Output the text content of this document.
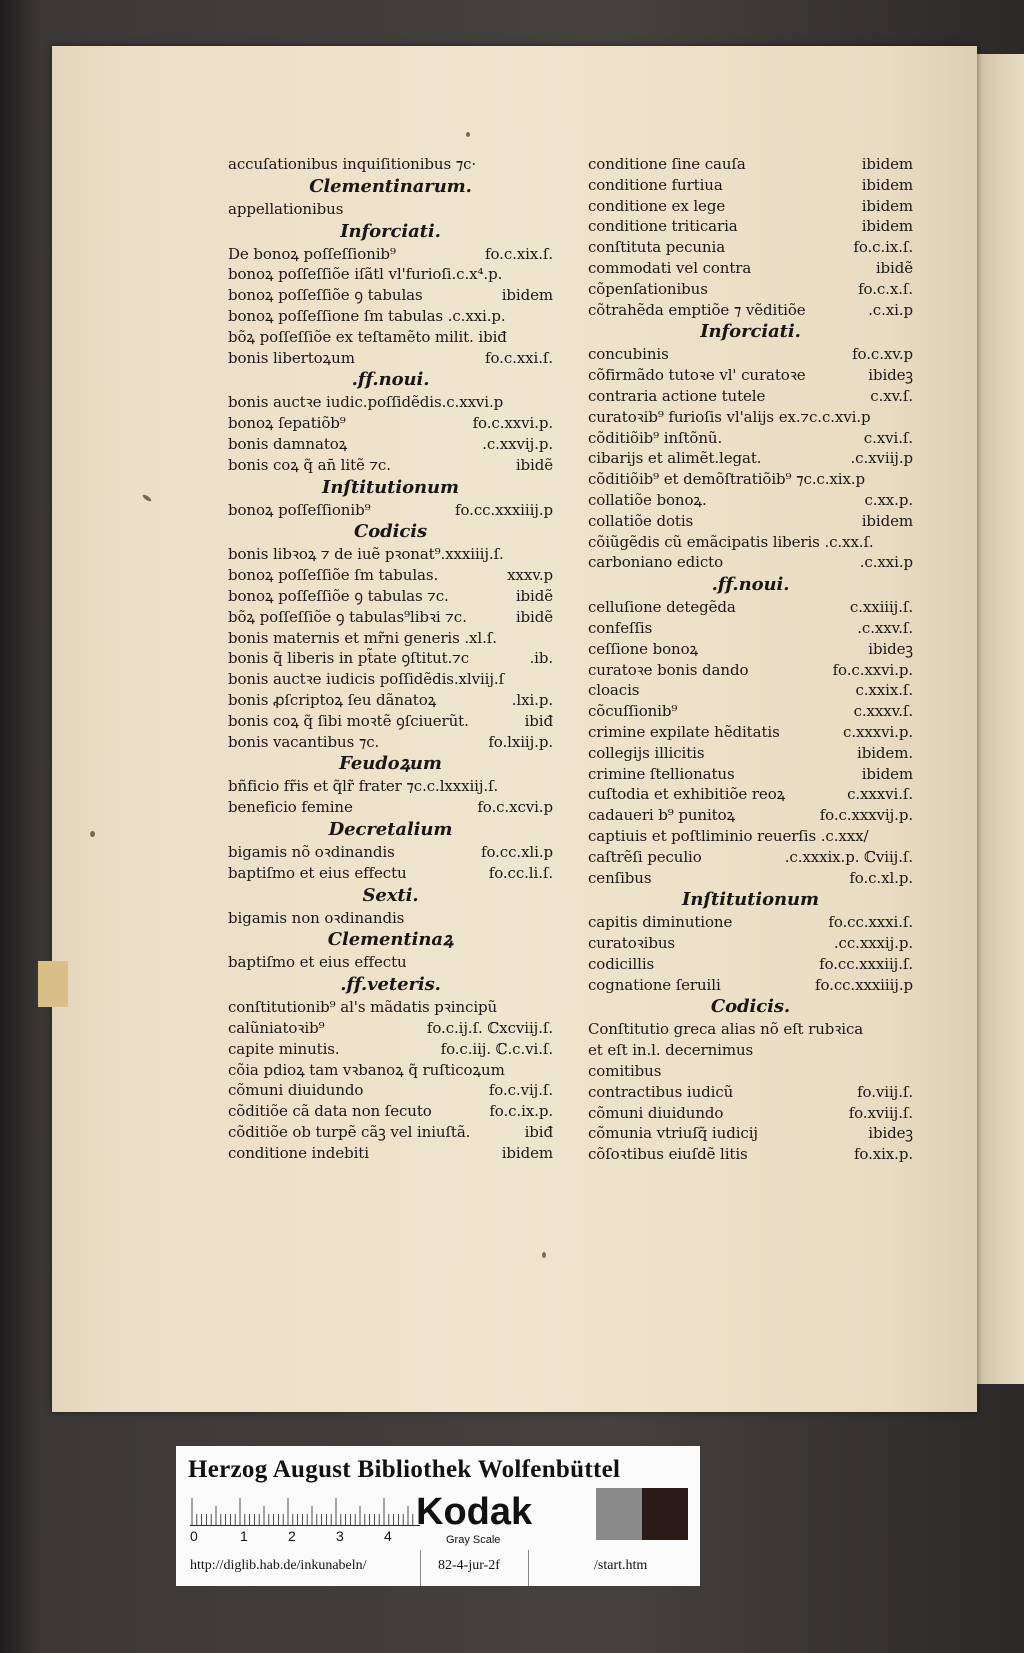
accuſationibus inquiſitionibus ⁊c·
Clementinarum.
appellationibus
Inforciati.
De bonoꝝ poſſeſſionib⁹	fo.c.xix.ſ.
bonoꝝ poſſeſſiõe iſãtl vl'furioſi.c.x⁴.p.
bonoꝝ poſſeſſiõe ꝯ tabulas	ibidem
bonoꝝ poſſeſſione ſm tabulas .c.xxi.p.
bõꝝ poſſeſſiõe ex teſtamẽto milit. ibiđ
bonis libertoꝝum	fo.c.xxi.ſ.
.ff.noui.
bonis auctꝛe iudic.poſſidẽdis.c.xxvi.p
bonoꝝ ſepatiõb⁹	fo.c.xxvi.p.
bonis damnatoꝝ	.c.xxvij.p.
bonis coꝝ q̃ an̄ litẽ ⁊c.	ibidẽ
Inſtitutionum
bonoꝝ poſſeſſionib⁹	fo.cc.xxxiiij.p
Codicis
bonis libꝛoꝝ ⁊ de iuẽ pꝛonat⁹.xxxiiij.ſ.
bonoꝝ poſſeſſiõe ſm tabulas.	xxxv.p
bonoꝝ poſſeſſiõe ꝯ tabulas ⁊c.	ibidẽ
bõꝝ poſſeſſiõe ꝯ tabulas⁹libꝛi ⁊c.	ibidẽ
bonis maternis et mr̃ni generis .xl.ſ.
bonis q̃ liberis in pt̃ate ꝯſtitut.⁊c	.ib.
bonis auctꝛe iudicis poſſidẽdis.xlviij.ſ
bonis ꝓſcriptoꝝ ſeu dãnatoꝝ	.lxi.p.
bonis coꝝ q̃ ſibi moꝛtẽ ꝯſciuerũt.	ibiđ
bonis vacantibus ⁊c.	fo.lxiij.p.
Feudoꝝum
bñficio fr̃is et q̃lr̃ frater ⁊c.c.lxxxiij.ſ.
beneficio femine	fo.c.xcvi.p
Decretalium
bigamis nõ oꝛdinandis	fo.cc.xli.p
baptiſmo et eius effectu	fo.cc.li.ſ.
Sexti.
bigamis non oꝛdinandis
Clementinaꝝ
baptiſmo et eius effectu
.ff.veteris.
conſtitutionib⁹ al's mãdatis pꝛincipũ
calũniatoꝛib⁹	fo.c.ij.ſ. ℂxcviij.ſ.
capite minutis.	fo.c.iij. ℂ.c.vi.ſ.
cõia pdioꝝ tam vꝛbanoꝝ q̃ ruſticoꝝum
cõmuni diuidundo	fo.c.vij.ſ.
cõditiõe cã data non ſecuto	fo.c.ix.p.
cõditiõe ob turpẽ cãꝫ vel iniuſtã.	ibiđ
conditione indebiti	ibidem
conditione ſine cauſa	ibidem
conditione furtiua	ibidem
conditione ex lege	ibidem
conditione triticaria	ibidem
conſtituta pecunia	fo.c.ix.ſ.
commodati vel contra	ibidẽ
cõpenſationibus	fo.c.x.ſ.
cõtrahẽda emptiõe ⁊ vẽditiõe	.c.xi.p
Inforciati.
concubinis	fo.c.xv.p
cõfirmãdo tutoꝛe vl' curatoꝛe	ibideꝫ
contraria actione tutele	c.xv.ſ.
curatoꝛib⁹ furioſis vl'alijs ex.⁊c.c.xvi.p
cõditiõib⁹ inſtõnũ.	c.xvi.ſ.
cibarijs et alimẽt.legat.	.c.xviij.p
cõditiõib⁹ et demõſtratiõib⁹ ⁊c.c.xix.p
collatiõe bonoꝝ.	c.xx.p.
collatiõe dotis	ibidem
cõiũgẽdis cũ emãcipatis liberis .c.xx.ſ.
carboniano edicto	.c.xxi.p
.ff.noui.
celluſione detegẽda	c.xxiiij.ſ.
confeſſis	.c.xxv.ſ.
ceſſione bonoꝝ	ibideꝫ
curatoꝛe bonis dando	fo.c.xxvi.p.
cloacis	c.xxix.ſ.
cõcuſſionib⁹	c.xxxv.ſ.
crimine expilate hẽditatis	c.xxxvi.p.
collegijs illicitis	ibidem.
crimine ſtellionatus	ibidem
cuſtodia et exhibitiõe reoꝝ	c.xxxvi.ſ.
cadaueri b⁹ punitoꝝ	fo.c.xxxvij.p.
captiuis et poſtliminio reuerſis .c.xxx/
caſtrẽſi peculio	.c.xxxix.p. ℂviij.ſ.
cenſibus	fo.c.xl.p.
Inſtitutionum
capitis diminutione	fo.cc.xxxi.ſ.
curatoꝛibus	.cc.xxxij.p.
codicillis	fo.cc.xxxiij.ſ.
cognatione ſeruili	fo.cc.xxxiiij.p
Codicis.
Conſtitutio greca alias nõ eſt rubꝛica
et eſt in.l. decernimus
comitibus
contractibus iudicũ	fo.viij.ſ.
cõmuni diuidundo	fo.xviij.ſ.
cõmunia vtriuſq̃ iudicij	ibideꝫ
cõſoꝛtibus eiuſdẽ litis	fo.xix.p.
Herzog August Bibliothek Wolfenbüttel
0	1	2	3	4
Kodak
Gray Scale
http://diglib.hab.de/inkunabeln/	82-4-jur-2f	/start.htm
